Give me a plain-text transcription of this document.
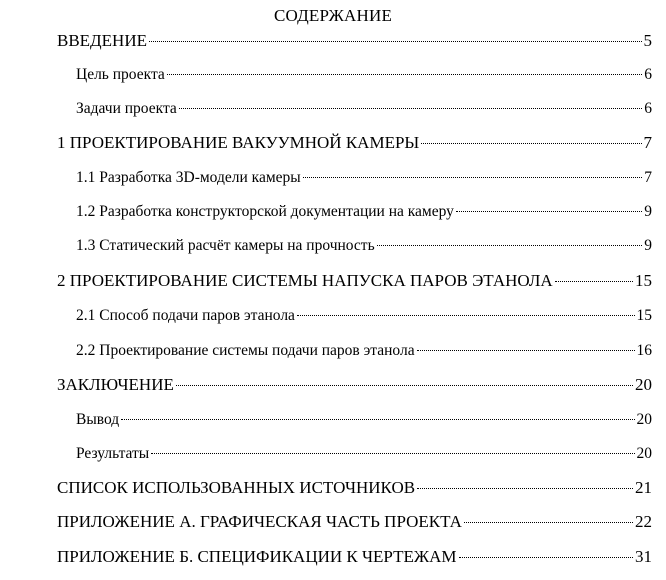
СОДЕРЖАНИЕ
ВВЕДЕНИЕ	5
Цель проекта	6
Задачи проекта	6
1 ПРОЕКТИРОВАНИЕ ВАКУУМНОЙ КАМЕРЫ	7
1.1 Разработка 3D-модели камеры	7
1.2 Разработка конструкторской документации на камеру	9
1.3 Статический расчёт камеры на прочность	9
2 ПРОЕКТИРОВАНИЕ СИСТЕМЫ НАПУСКА ПАРОВ ЭТАНОЛА	15
2.1 Способ подачи паров этанола	15
2.2 Проектирование системы подачи паров этанола	16
ЗАКЛЮЧЕНИЕ	20
Вывод	20
Результаты	20
СПИСОК ИСПОЛЬЗОВАННЫХ ИСТОЧНИКОВ	21
ПРИЛОЖЕНИЕ А. ГРАФИЧЕСКАЯ ЧАСТЬ ПРОЕКТА	22
ПРИЛОЖЕНИЕ Б. СПЕЦИФИКАЦИИ К ЧЕРТЕЖАМ	31
